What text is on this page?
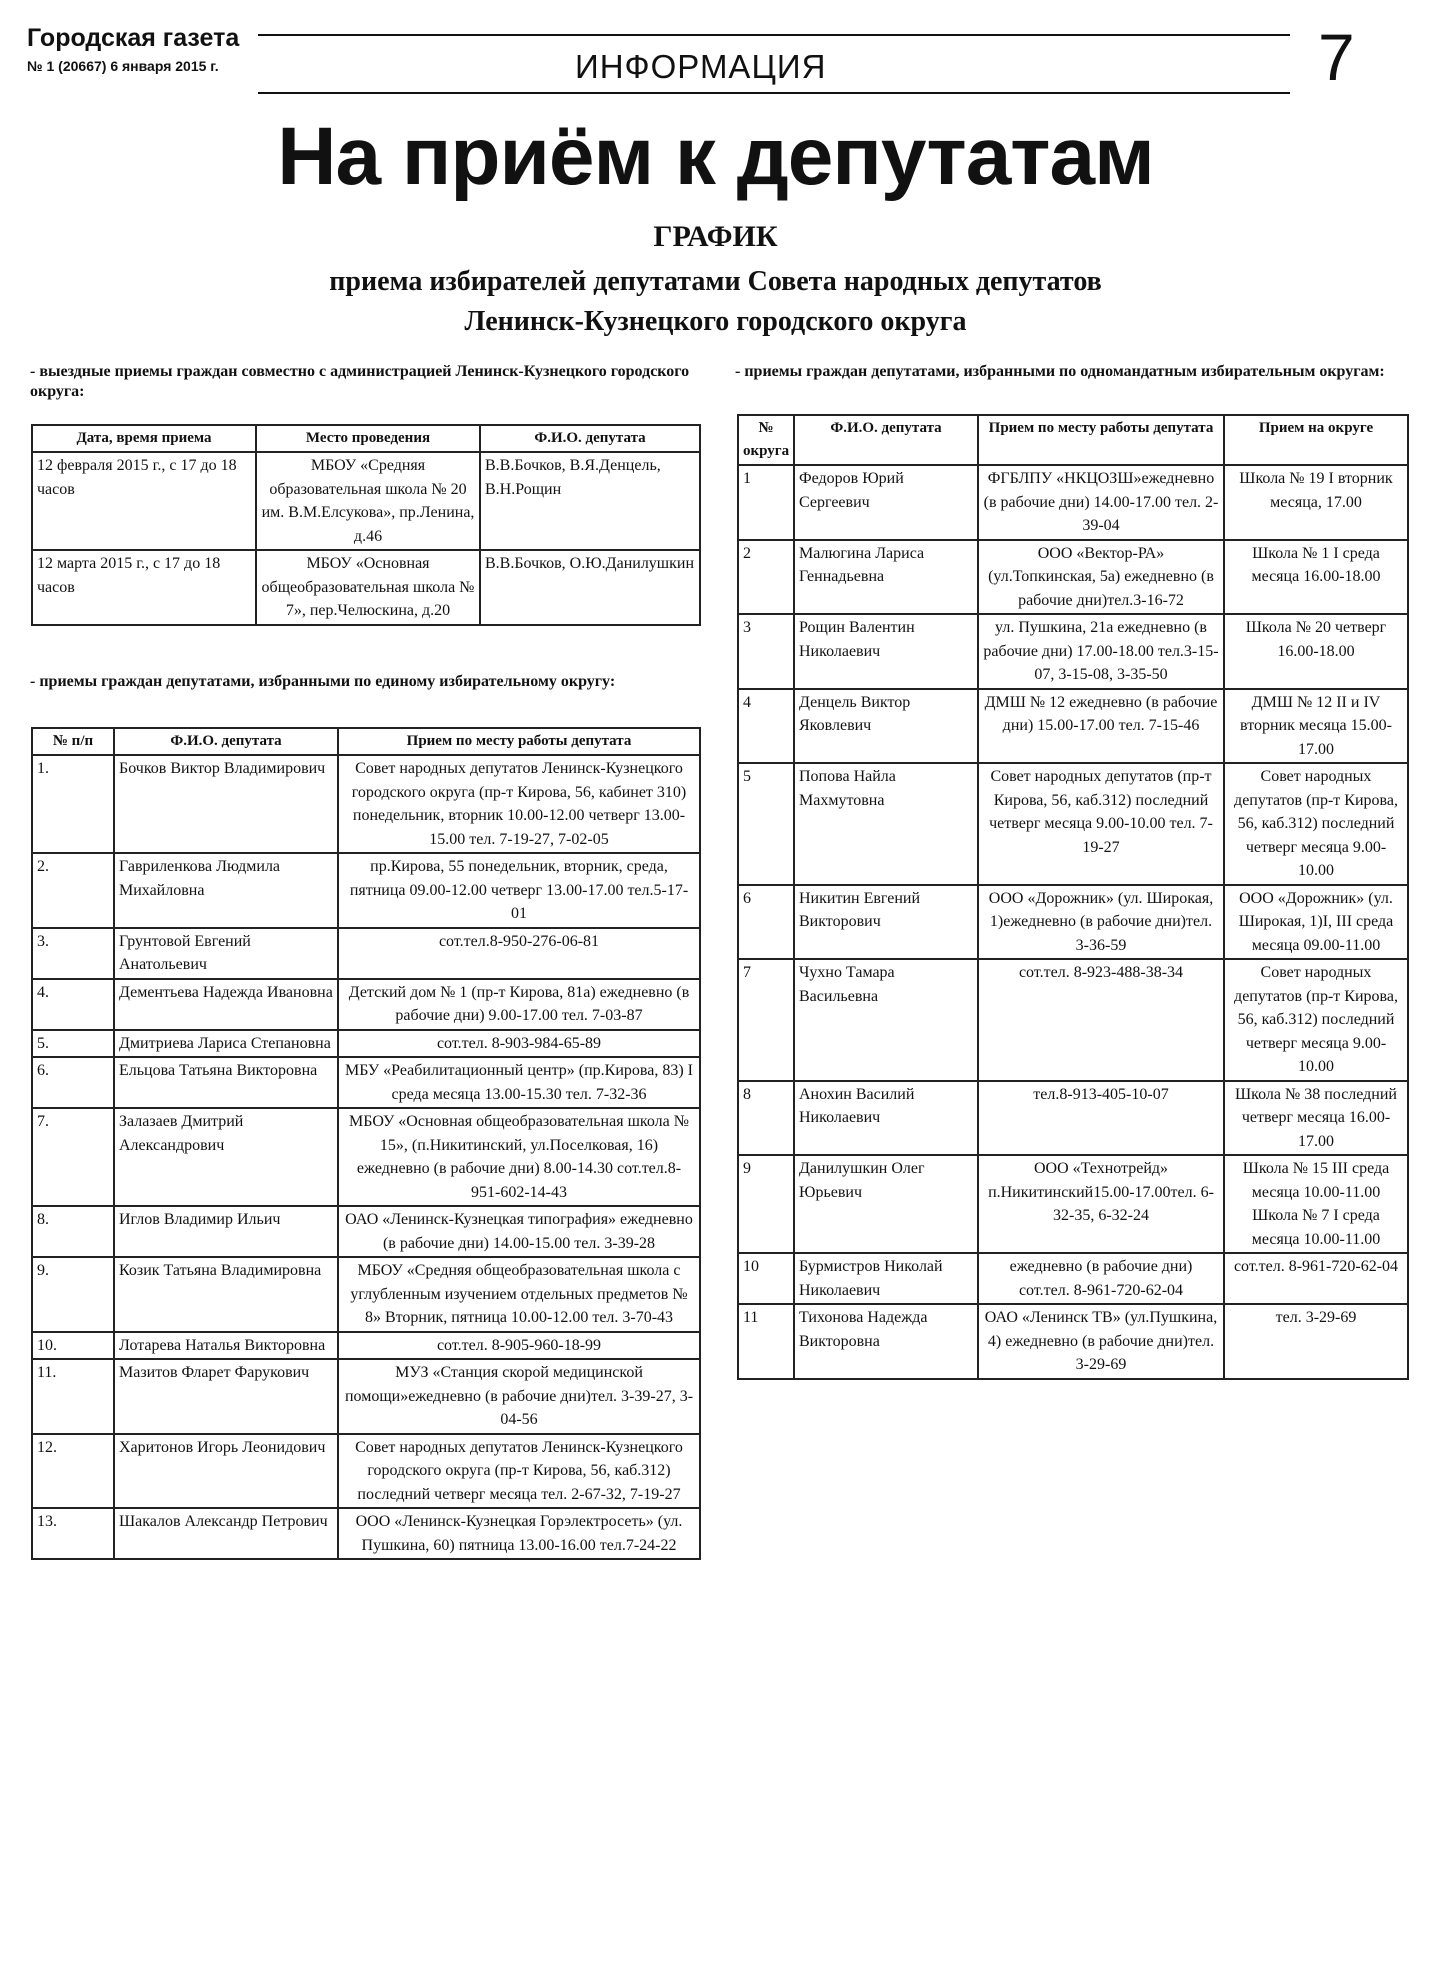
Городская газета
№ 1 (20667) 6 января 2015 г.	ИНФОРМАЦИЯ	7
На приём к депутатам
ГРАФИК
приема избирателей депутатами Совета народных депутатов
Ленинск-Кузнецкого городского округа
- выездные приемы граждан совместно с администрацией Ленинск-Кузнецкого городского округа:
Дата, время приема	Место проведения	Ф.И.О. депутата
12 февраля 2015 г., с 17 до 18 часов	МБОУ «Средняя образовательная школа № 20 им. В.М.Елсукова», пр.Ленина, д.46	В.В.Бочков, В.Я.Денцель, В.Н.Рощин
12 марта 2015 г., с 17 до 18 часов	МБОУ «Основная общеобразовательная школа № 7», пер.Челюскина, д.20	В.В.Бочков, О.Ю.Данилушкин
- приемы граждан депутатами, избранными по единому избирательному округу:
№ п/п	Ф.И.О. депутата	Прием по месту работы депутата
1.	Бочков Виктор Владимирович	Совет народных депутатов Ленинск-Кузнецкого городского округа (пр-т Кирова, 56, кабинет 310) понедельник, вторник 10.00-12.00 четверг 13.00-15.00 тел. 7-19-27, 7-02-05
2.	Гавриленкова Людмила Михайловна	пр.Кирова, 55 понедельник, вторник, среда, пятница 09.00-12.00 четверг 13.00-17.00 тел.5-17-01
3.	Грунтовой Евгений Анатольевич	сот.тел.8-950-276-06-81
4.	Дементьева Надежда Ивановна	Детский дом № 1 (пр-т Кирова, 81а) ежедневно (в рабочие дни) 9.00-17.00 тел. 7-03-87
5.	Дмитриева Лариса Степановна	сот.тел. 8-903-984-65-89
6.	Ельцова Татьяна Викторовна	МБУ «Реабилитационный центр» (пр.Кирова, 83) I среда месяца 13.00-15.30 тел. 7-32-36
7.	Залазаев Дмитрий Александрович	МБОУ «Основная общеобразовательная школа № 15», (п.Никитинский, ул.Поселковая, 16) ежедневно (в рабочие дни) 8.00-14.30 сот.тел.8-951-602-14-43
8.	Иглов Владимир Ильич	ОАО «Ленинск-Кузнецкая типография» ежедневно (в рабочие дни) 14.00-15.00 тел. 3-39-28
9.	Козик Татьяна Владимировна	МБОУ «Средняя общеобразовательная школа с углубленным изучением отдельных предметов № 8» Вторник, пятница 10.00-12.00 тел. 3-70-43
10.	Лотарева Наталья Викторовна	сот.тел. 8-905-960-18-99
11.	Мазитов Фларет Фарукович	МУЗ «Станция скорой медицинской помощи»ежедневно (в рабочие дни)тел. 3-39-27, 3-04-56
12.	Харитонов Игорь Леонидович	Совет народных депутатов Ленинск-Кузнецкого городского округа (пр-т Кирова, 56, каб.312) последний четверг месяца тел. 2-67-32, 7-19-27
13.	Шакалов Александр Петрович	ООО «Ленинск-Кузнецкая Горэлектросеть» (ул. Пушкина, 60) пятница 13.00-16.00 тел.7-24-22
- приемы граждан депутатами, избранными по одномандатным избирательным округам:
№ округа	Ф.И.О. депутата	Прием по месту работы депутата	Прием на округе
1	Федоров Юрий Сергеевич	ФГБЛПУ «НКЦОЗШ»ежедневно (в рабочие дни) 14.00-17.00 тел. 2-39-04	Школа № 19 I вторник месяца, 17.00
2	Малюгина Лариса Геннадьевна	ООО «Вектор-РА» (ул.Топкинская, 5а) ежедневно (в рабочие дни)тел.3-16-72	Школа № 1 I среда месяца 16.00-18.00
3	Рощин Валентин Николаевич	ул. Пушкина, 21а ежедневно (в рабочие дни) 17.00-18.00 тел.3-15-07, 3-15-08, 3-35-50	Школа № 20 четверг 16.00-18.00
4	Денцель Виктор Яковлевич	ДМШ № 12 ежедневно (в рабочие дни) 15.00-17.00 тел. 7-15-46	ДМШ № 12 II и IV вторник месяца 15.00-17.00
5	Попова Найла Махмутовна	Совет народных депутатов (пр-т Кирова, 56, каб.312) последний четверг месяца 9.00-10.00 тел. 7-19-27	Совет народных депутатов (пр-т Кирова, 56, каб.312) последний четверг месяца 9.00-10.00
6	Никитин Евгений Викторович	ООО «Дорожник» (ул. Широкая, 1)ежедневно (в рабочие дни)тел. 3-36-59	ООО «Дорожник» (ул. Широкая, 1)I, III среда месяца 09.00-11.00
7	Чухно Тамара Васильевна	сот.тел. 8-923-488-38-34	Совет народных депутатов (пр-т Кирова, 56, каб.312) последний четверг месяца 9.00-10.00
8	Анохин Василий Николаевич	тел.8-913-405-10-07	Школа № 38 последний четверг месяца 16.00-17.00
9	Данилушкин Олег Юрьевич	ООО «Технотрейд» п.Никитинский15.00-17.00тел. 6-32-35, 6-32-24	Школа № 15 III среда месяца 10.00-11.00 Школа № 7 I среда месяца 10.00-11.00
10	Бурмистров Николай Николаевич	ежедневно (в рабочие дни) сот.тел. 8-961-720-62-04	сот.тел. 8-961-720-62-04
11	Тихонова Надежда Викторовна	ОАО «Ленинск ТВ» (ул.Пушкина, 4) ежедневно (в рабочие дни)тел. 3-29-69	тел. 3-29-69
